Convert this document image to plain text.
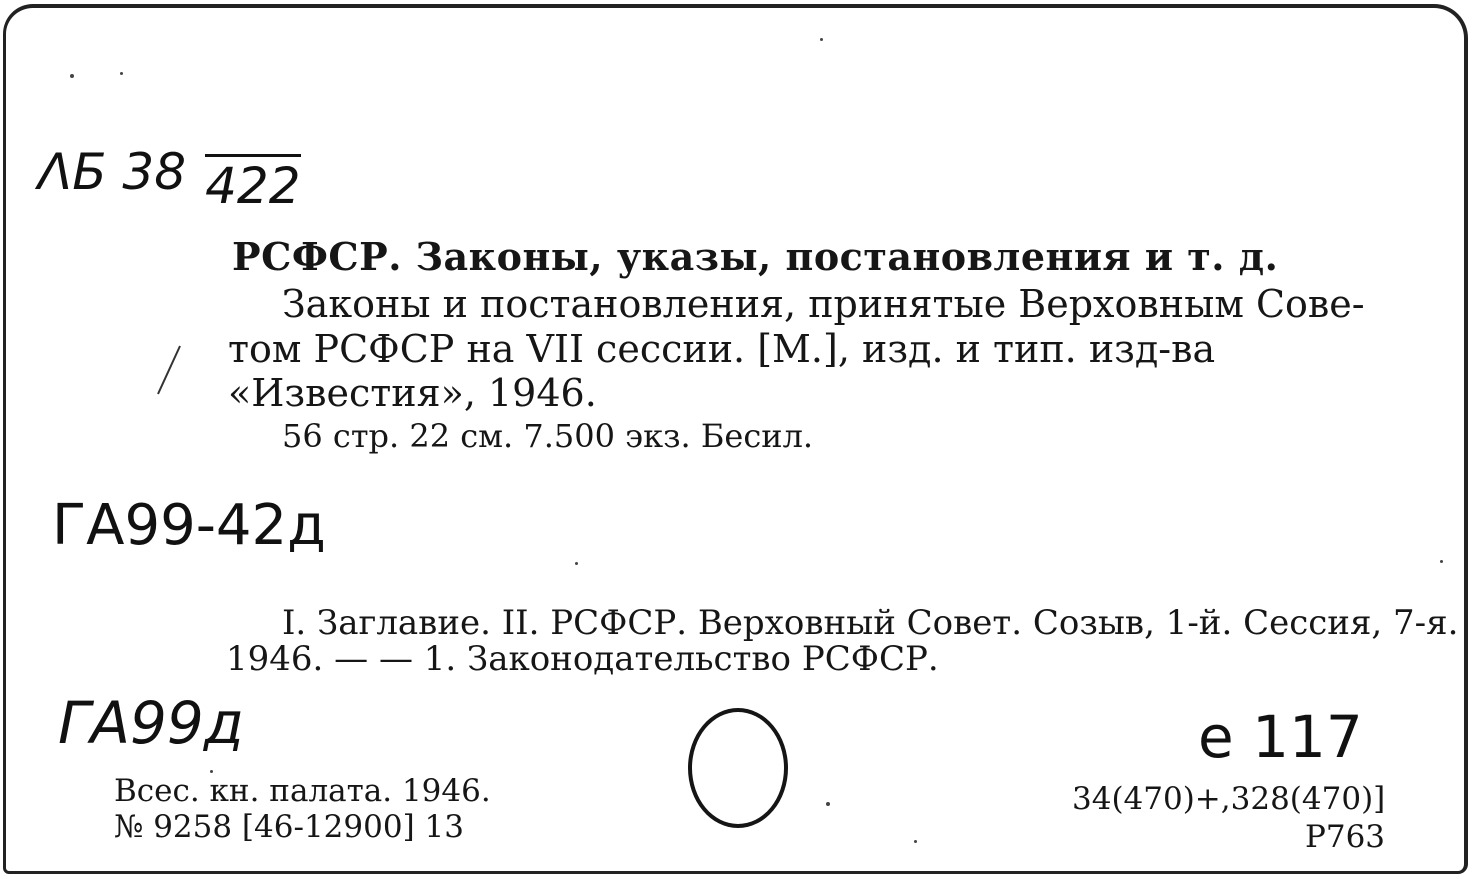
ΛБ 38 422
РСФСР. Законы, указы, постановления и т. д.
Законы и постановления, принятые Верховным Сове-
том РСФСР на VII сессии. [М.], изд. и тип. изд-ва
«Известия», 1946.
56 стр. 22 см. 7.500 экз. Бесил.
ГА99-42д
I. Заглавие. II. РСФСР. Верховный Совет. Созыв, 1-й. Сессия, 7-я.
1946. — — 1. Законодательство РСФСР.
ГА99д
Всес. кн. палата. 1946.
№ 9258 [46-12900] 13
е 117
34(470)+,328(470)]
Р763
